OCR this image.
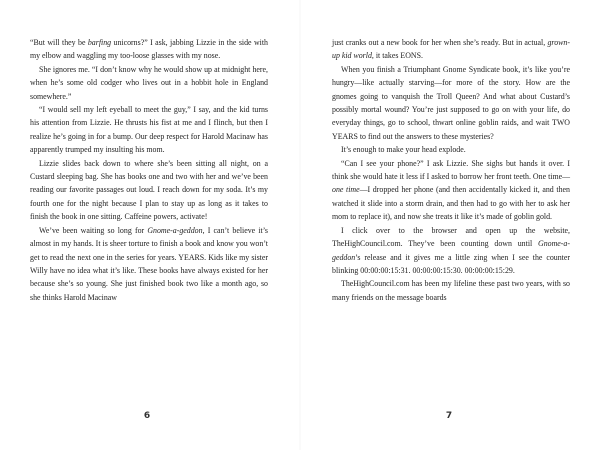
“But will they be barfing unicorns?” I ask, jabbing Lizzie in the side with my elbow and waggling my too-loose glasses with my nose.

She ignores me. “I don’t know why he would show up at midnight here, when he’s some old codger who lives out in a hobbit hole in England somewhere.”

“I would sell my left eyeball to meet the guy,” I say, and the kid turns his attention from Lizzie. He thrusts his fist at me and I flinch, but then I realize he’s going in for a bump. Our deep respect for Harold Macinaw has apparently trumped my insulting his mom.

Lizzie slides back down to where she’s been sitting all night, on a Custard sleeping bag. She has books one and two with her and we’ve been reading our favorite passages out loud. I reach down for my soda. It’s my fourth one for the night because I plan to stay up as long as it takes to finish the book in one sitting. Caffeine powers, activate!

We’ve been waiting so long for Gnome-a-geddon, I can’t believe it’s almost in my hands. It is sheer torture to finish a book and know you won’t get to read the next one in the series for years. YEARS. Kids like my sister Willy have no idea what it’s like. These books have always existed for her because she’s so young. She just finished book two like a month ago, so she thinks Harold Macinaw

6

just cranks out a new book for her when she’s ready. But in actual, grown-up kid world, it takes EONS.

When you finish a Triumphant Gnome Syndicate book, it’s like you’re hungry—like actually starving—for more of the story. How are the gnomes going to vanquish the Troll Queen? And what about Custard’s possibly mortal wound? You’re just supposed to go on with your life, do everyday things, go to school, thwart online goblin raids, and wait TWO YEARS to find out the answers to these mysteries?

It’s enough to make your head explode.

“Can I see your phone?” I ask Lizzie. She sighs but hands it over. I think she would hate it less if I asked to borrow her front teeth. One time—one time—I dropped her phone (and then accidentally kicked it, and then watched it slide into a storm drain, and then had to go with her to ask her mom to replace it), and now she treats it like it’s made of goblin gold.

I click over to the browser and open up the website, TheHighCouncil.com. They’ve been counting down until Gnome-a-geddon’s release and it gives me a little zing when I see the counter blinking 00:00:00:15:31. 00:00:00:15:30. 00:00:00:15:29.

TheHighCouncil.com has been my lifeline these past two years, with so many friends on the message boards

7
